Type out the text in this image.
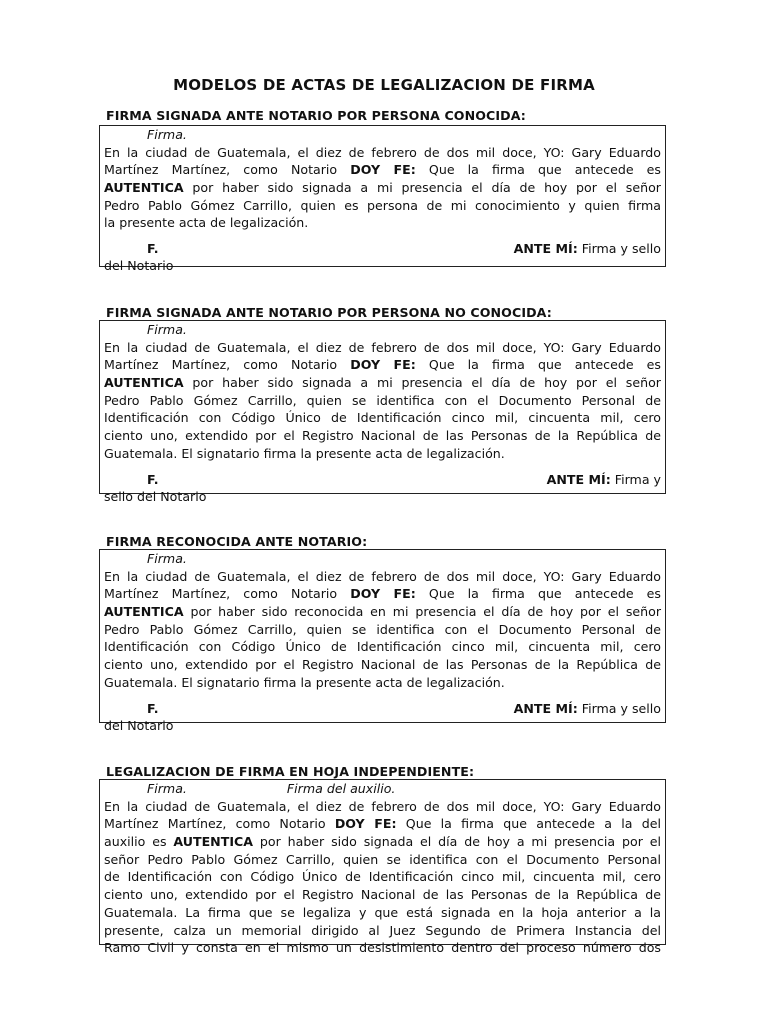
MODELOS DE ACTAS DE LEGALIZACION DE FIRMA
FIRMA SIGNADA ANTE NOTARIO POR PERSONA CONOCIDA:
Firma.
En la ciudad de Guatemala, el diez de febrero de dos mil doce, YO: Gary Eduardo
Martínez Martínez, como Notario DOY FE: Que la firma que antecede es
AUTENTICA por haber sido signada a mi presencia el día de hoy por el señor
Pedro Pablo Gómez Carrillo, quien es persona de mi conocimiento y quien firma
la presente acta de legalización.
F.	ANTE MÍ: Firma y sello
del Notario
FIRMA SIGNADA ANTE NOTARIO POR PERSONA NO CONOCIDA:
Firma.
En la ciudad de Guatemala, el diez de febrero de dos mil doce, YO: Gary Eduardo
Martínez Martínez, como Notario DOY FE: Que la firma que antecede es
AUTENTICA por haber sido signada a mi presencia el día de hoy por el señor
Pedro Pablo Gómez Carrillo, quien se identifica con el Documento Personal de
Identificación con Código Único de Identificación cinco mil, cincuenta mil, cero
ciento uno, extendido por el Registro Nacional de las Personas de la República de
Guatemala. El signatario firma la presente acta de legalización.
F.	ANTE MÍ: Firma y
sello del Notario
FIRMA RECONOCIDA ANTE NOTARIO:
Firma.
En la ciudad de Guatemala, el diez de febrero de dos mil doce, YO: Gary Eduardo
Martínez Martínez, como Notario DOY FE: Que la firma que antecede es
AUTENTICA por haber sido reconocida en mi presencia el día de hoy por el señor
Pedro Pablo Gómez Carrillo, quien se identifica con el Documento Personal de
Identificación con Código Único de Identificación cinco mil, cincuenta mil, cero
ciento uno, extendido por el Registro Nacional de las Personas de la República de
Guatemala. El signatario firma la presente acta de legalización.
F.	ANTE MÍ: Firma y sello
del Notario
LEGALIZACION DE FIRMA EN HOJA INDEPENDIENTE:
Firma.	Firma del auxilio.
En la ciudad de Guatemala, el diez de febrero de dos mil doce, YO: Gary Eduardo
Martínez Martínez, como Notario DOY FE: Que la firma que antecede a la del
auxilio es AUTENTICA por haber sido signada el día de hoy a mi presencia por el
señor Pedro Pablo Gómez Carrillo, quien se identifica con el Documento Personal
de Identificación con Código Único de Identificación cinco mil, cincuenta mil, cero
ciento uno, extendido por el Registro Nacional de las Personas de la República de
Guatemala. La firma que se legaliza y que está signada en la hoja anterior a la
presente, calza un memorial dirigido al Juez Segundo de Primera Instancia del
Ramo Civil y consta en el mismo un desistimiento dentro del proceso número dos
